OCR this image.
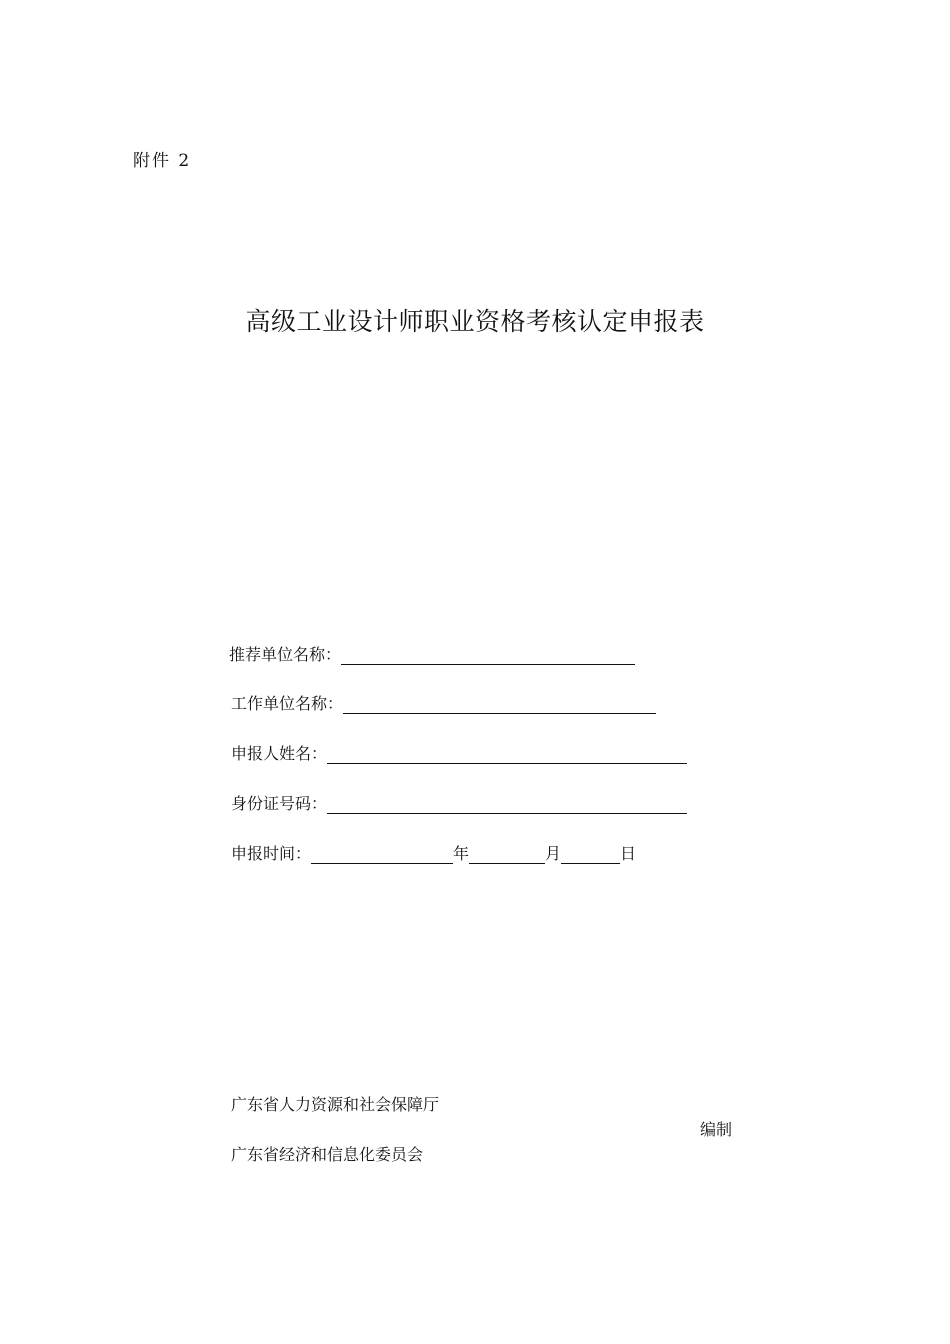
附件 2
高级工业设计师职业资格考核认定申报表
推荐单位名称：
工作单位名称：
申报人姓名：
身份证号码：
申报时间：	年	月	日
广东省人力资源和社会保障厅
编制
广东省经济和信息化委员会
